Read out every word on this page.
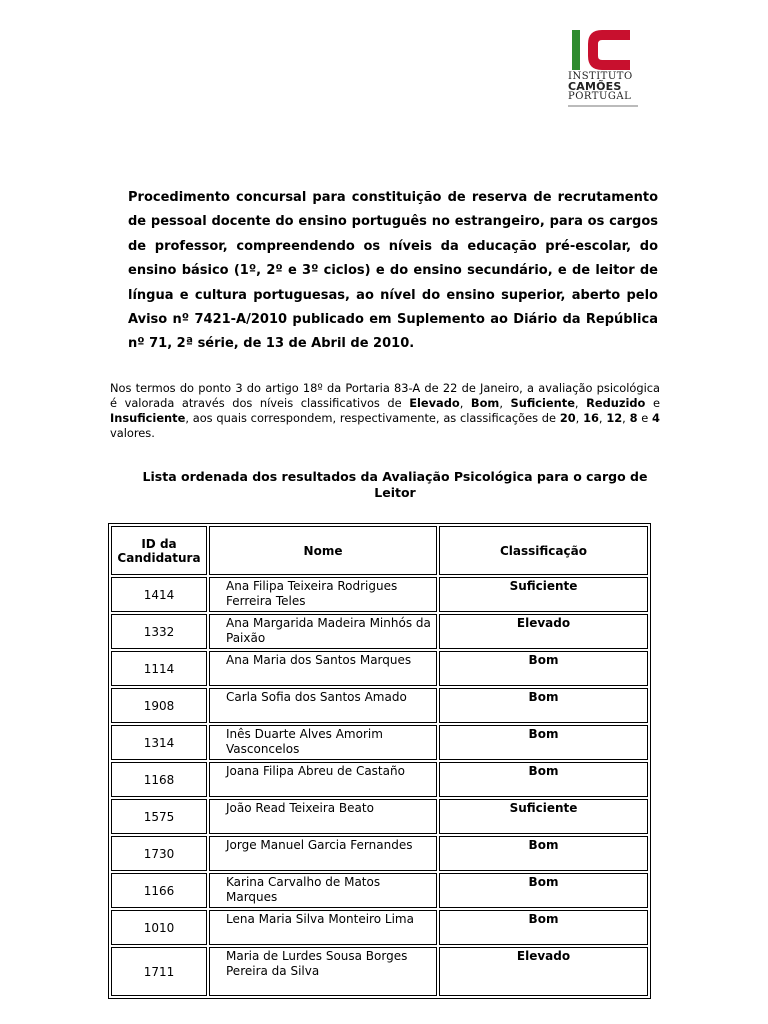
INSTITUTO
CAMÕES
PORTUGAL
Procedimento concursal para constituição de reserva de recrutamento de pessoal docente do ensino português no estrangeiro, para os cargos de professor, compreendendo os níveis da educação pré-escolar, do ensino básico (1º, 2º e 3º ciclos) e do ensino secundário, e de leitor de língua e cultura portuguesas, ao nível do ensino superior, aberto pelo Aviso nº 7421-A/2010 publicado em Suplemento ao Diário da República nº 71, 2ª série, de 13 de Abril de 2010.
Nos termos do ponto 3 do artigo 18º da Portaria 83-A de 22 de Janeiro, a avaliação psicológica é valorada através dos níveis classificativos de Elevado, Bom, Suficiente, Reduzido e Insuficiente, aos quais correspondem, respectivamente, as classificações de 20, 16, 12, 8 e 4 valores.
Lista ordenada dos resultados da Avaliação Psicológica para o cargo de Leitor
ID da Candidatura	Nome	Classificação
1414	Ana Filipa Teixeira Rodrigues Ferreira Teles	Suficiente
1332	Ana Margarida Madeira Minhós da Paixão	Elevado
1114	Ana Maria dos Santos Marques	Bom
1908	Carla Sofia dos Santos Amado	Bom
1314	Inês Duarte Alves Amorim Vasconcelos	Bom
1168	Joana Filipa Abreu de Castaño	Bom
1575	João Read Teixeira Beato	Suficiente
1730	Jorge Manuel Garcia Fernandes	Bom
1166	Karina Carvalho de Matos Marques	Bom
1010	Lena Maria Silva Monteiro Lima	Bom
1711	Maria de Lurdes Sousa Borges Pereira da Silva	Elevado
